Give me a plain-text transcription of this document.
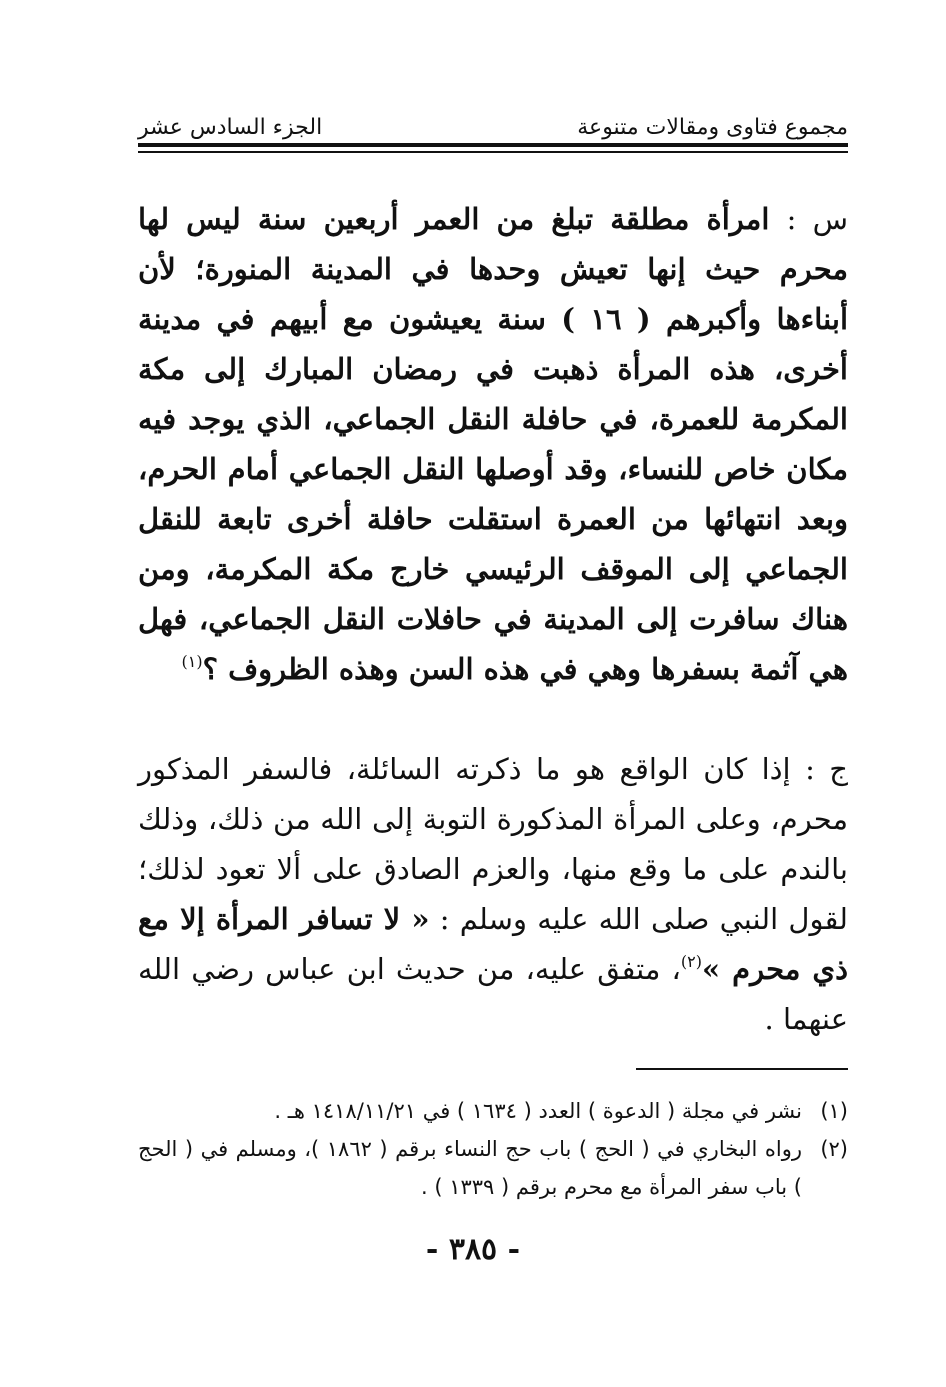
مجموع فتاوى ومقالات متنوعة
الجزء السادس عشر
س : امرأة مطلقة تبلغ من العمر أربعين سنة ليس لها محرم حيث إنها تعيش وحدها في المدينة المنورة؛ لأن أبناءها وأكبرهم ( ١٦ ) سنة يعيشون مع أبيهم في مدينة أخرى، هذه المرأة ذهبت في رمضان المبارك إلى مكة المكرمة للعمرة، في حافلة النقل الجماعي، الذي يوجد فيه مكان خاص للنساء، وقد أوصلها النقل الجماعي أمام الحرم، وبعد انتهائها من العمرة استقلت حافلة أخرى تابعة للنقل الجماعي إلى الموقف الرئيسي خارج مكة المكرمة، ومن هناك سافرت إلى المدينة في حافلات النقل الجماعي، فهل هي آثمة بسفرها وهي في هذه السن وهذه الظروف ؟$^{(١)}$
ج : إذا كان الواقع هو ما ذكرته السائلة، فالسفر المذكور محرم، وعلى المرأة المذكورة التوبة إلى الله من ذلك، وذلك بالندم على ما وقع منها، والعزم الصادق على ألا تعود لذلك؛ لقول النبي صلى الله عليه وسلم : « لا تسافر المرأة إلا مع ذي محرم »$^{(٢)}$، متفق عليه، من حديث ابن عباس رضي الله عنهما .
(١)
نشر في مجلة ( الدعوة ) العدد ( ١٦٣٤ ) في ١٤١٨/١١/٢١ هـ .
(٢)
رواه البخاري في ( الحج ) باب حج النساء برقم ( ١٨٦٢ )، ومسلم في ( الحج ) باب سفر المرأة مع محرم برقم ( ١٣٣٩ ) .
- ٣٨٥ -
